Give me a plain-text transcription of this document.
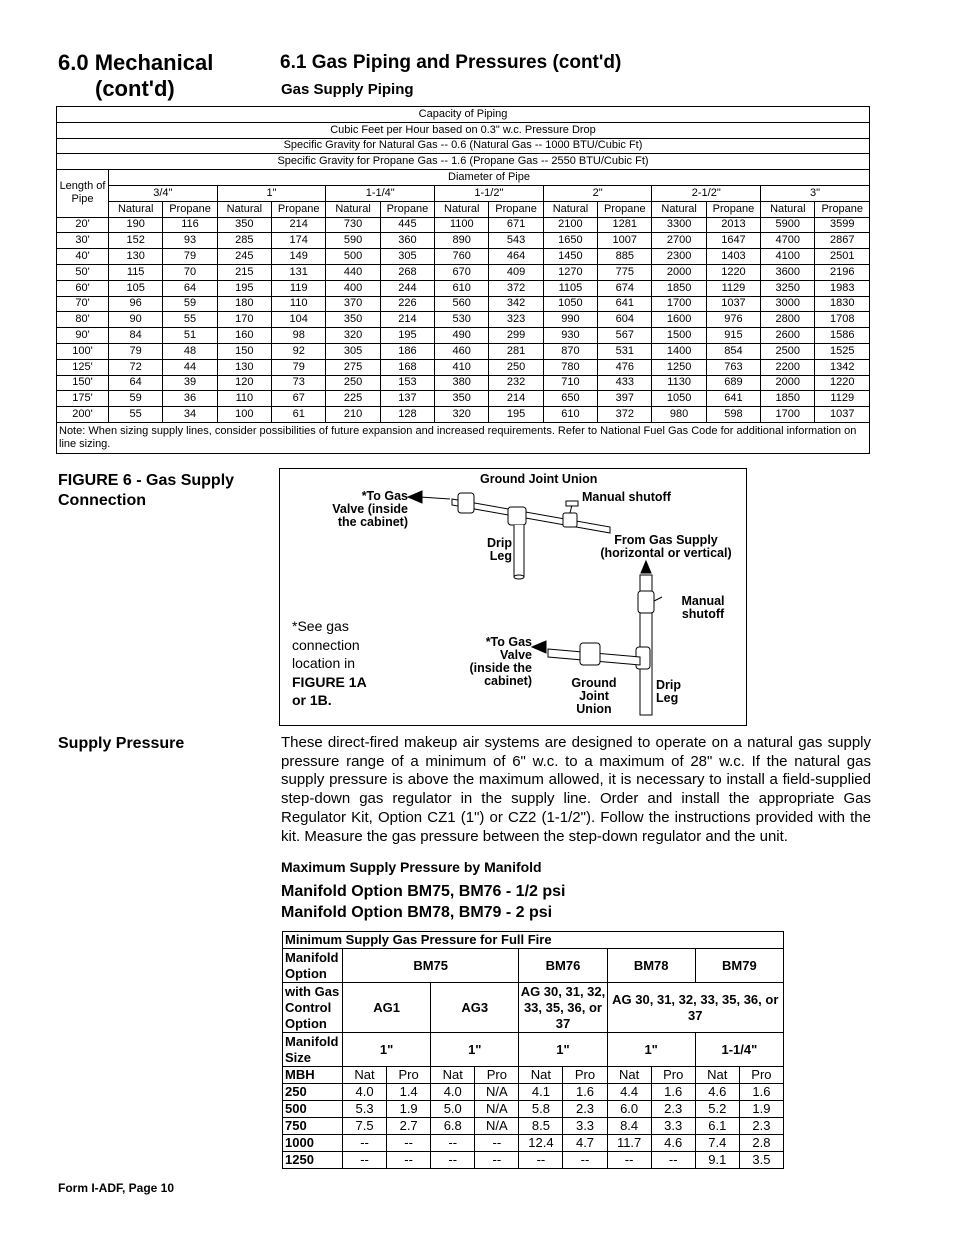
6.0 Mechanical
(cont'd)
6.1 Gas Piping and Pressures (cont'd)
Gas Supply Piping
Capacity of Piping														
Cubic Feet per Hour based on 0.3" w.c. Pressure Drop														
Specific Gravity for Natural Gas -- 0.6 (Natural Gas -- 1000 BTU/Cubic Ft)														
Specific Gravity for Propane Gas -- 1.6 (Propane Gas -- 2550 BTU/Cubic Ft)														
Length of Pipe	Diameter of Pipe													
	3/4"		1"		1-1/4"		1-1/2"		2"		2-1/2"		3"	
	Natural	Propane	Natural	Propane	Natural	Propane	Natural	Propane	Natural	Propane	Natural	Propane	Natural	Propane
20'	190	116	350	214	730	445	1100	671	2100	1281	3300	2013	5900	3599
30'	152	93	285	174	590	360	890	543	1650	1007	2700	1647	4700	2867
40'	130	79	245	149	500	305	760	464	1450	885	2300	1403	4100	2501
50'	115	70	215	131	440	268	670	409	1270	775	2000	1220	3600	2196
60'	105	64	195	119	400	244	610	372	1105	674	1850	1129	3250	1983
70'	96	59	180	110	370	226	560	342	1050	641	1700	1037	3000	1830
80'	90	55	170	104	350	214	530	323	990	604	1600	976	2800	1708
90'	84	51	160	98	320	195	490	299	930	567	1500	915	2600	1586
100'	79	48	150	92	305	186	460	281	870	531	1400	854	2500	1525
125'	72	44	130	79	275	168	410	250	780	476	1250	763	2200	1342
150'	64	39	120	73	250	153	380	232	710	433	1130	689	2000	1220
175'	59	36	110	67	225	137	350	214	650	397	1050	641	1850	1129
200'	55	34	100	61	210	128	320	195	610	372	980	598	1700	1037
Note: When sizing supply lines, consider possibilities of future expansion and increased requirements. Refer to National Fuel Gas Code for additional information on line sizing.														
FIGURE 6 - Gas Supply
Connection
Ground Joint Union
Manual shutoff
*To Gas Valve (inside the cabinet)
Drip Leg
From Gas Supply (horizontal or vertical)
Manual shutoff
*To Gas Valve (inside the cabinet)	Ground Joint Union
Drip Leg
*See gas
connection
location in
FIGURE 1A
or 1B.
Supply Pressure	These direct-fired makeup air systems are designed to operate on a natural gas supply pressure range of a minimum of 6" w.c. to a maximum of 28" w.c. If the natural gas supply pressure is above the maximum allowed, it is necessary to install a field-supplied step-down gas regulator in the supply line. Order and install the appropriate Gas Regulator Kit, Option CZ1 (1") or CZ2 (1-1/2"). Follow the instructions provided with the kit. Measure the gas pressure between the step-down regulator and the unit.
Maximum Supply Pressure by Manifold
Manifold Option BM75, BM76 - 1/2 psi
Manifold Option BM78, BM79 - 2 psi
Minimum Supply Gas Pressure for Full Fire										
Manifold Option	BM75				BM76		BM78		BM79	
with Gas Control Option	AG1		AG3		AG 30, 31, 32, 33, 35, 36, or 37		AG 30, 31, 32, 33, 35, 36, or 37			
Manifold Size	1"		1"		1"		1"		1-1/4"	
MBH	Nat	Pro	Nat	Pro	Nat	Pro	Nat	Pro	Nat	Pro
250	4.0	1.4	4.0	N/A	4.1	1.6	4.4	1.6	4.6	1.6
500	5.3	1.9	5.0	N/A	5.8	2.3	6.0	2.3	5.2	1.9
750	7.5	2.7	6.8	N/A	8.5	3.3	8.4	3.3	6.1	2.3
1000	--	--	--	--	12.4	4.7	11.7	4.6	7.4	2.8
1250	--	--	--	--	--	--	--	--	9.1	3.5
Form I-ADF, Page 10
